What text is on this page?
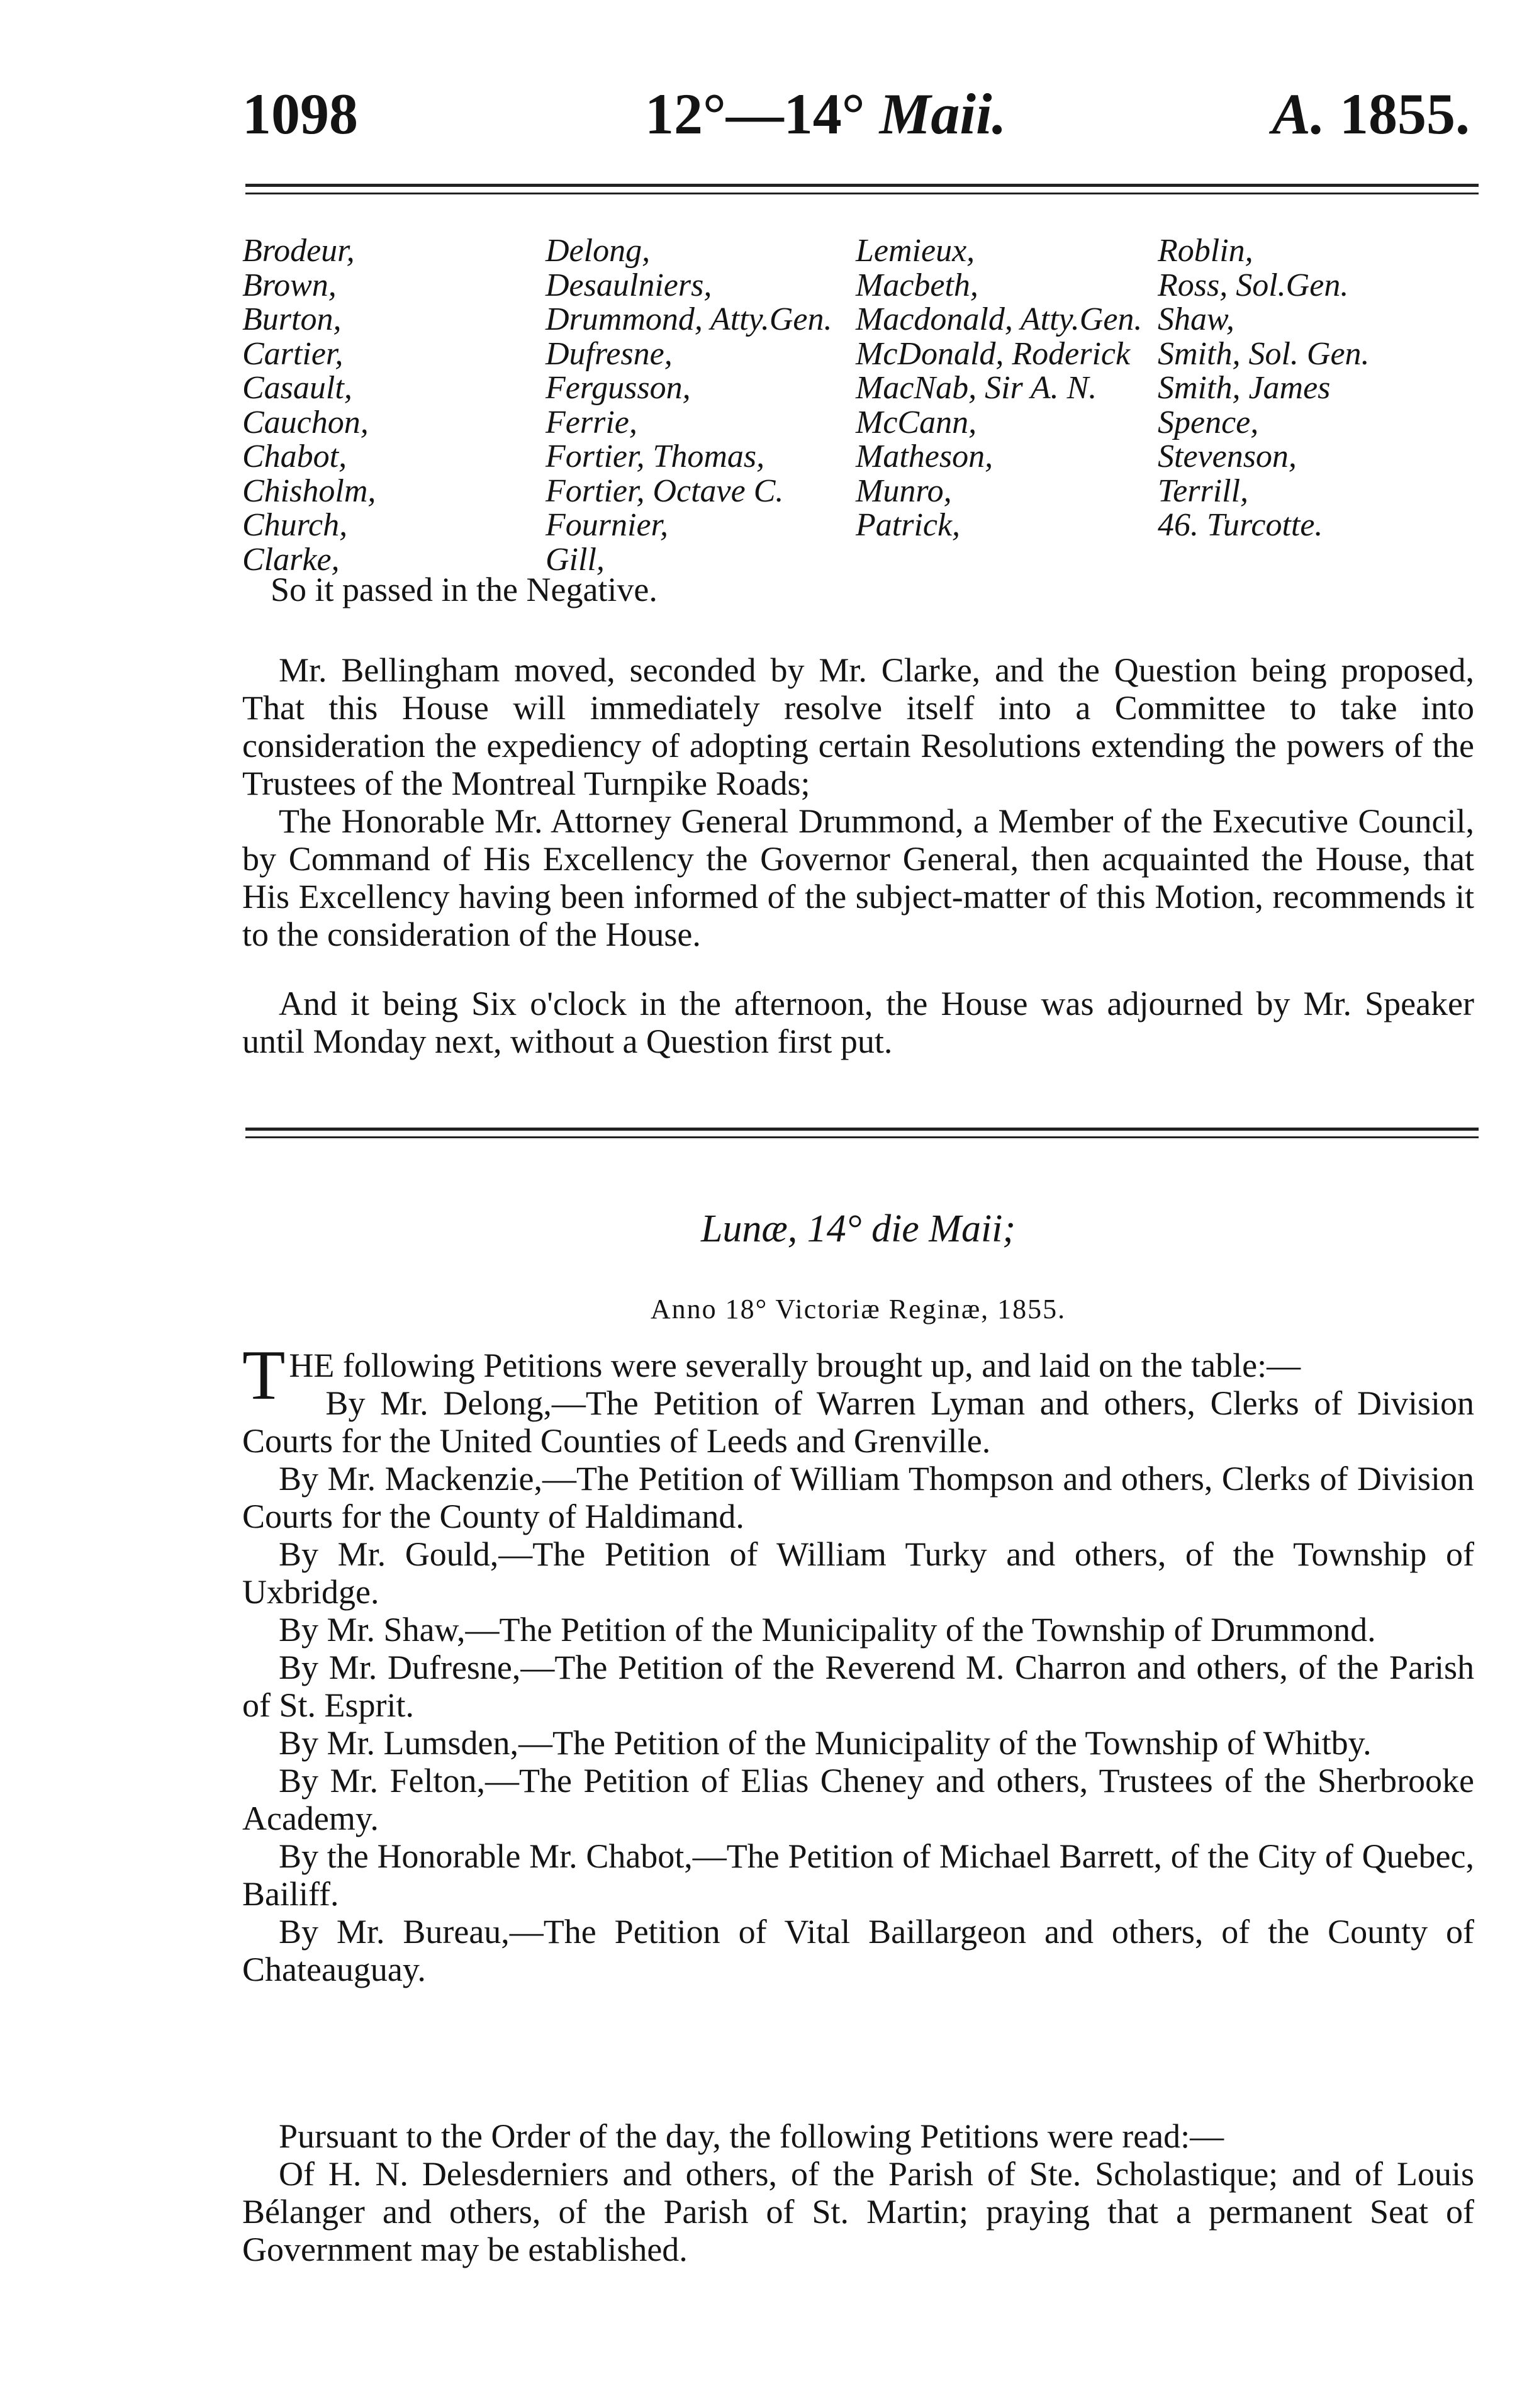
1098	12°—14° Maii.	A. 1855.
Brodeur,
Brown,
Burton,
Cartier,
Casault,
Cauchon,
Chabot,
Chisholm,
Church,
Clarke,
Delong,
Desaulniers,
Drummond, Atty.Gen.
Dufresne,
Fergusson,
Ferrie,
Fortier, Thomas,
Fortier, Octave C.
Fournier,
Gill,
Lemieux,
Macbeth,
Macdonald, Atty.Gen.
McDonald, Roderick
MacNab, Sir A. N.
McCann,
Matheson,
Munro,
Patrick,
Roblin,
Ross, Sol.Gen.
Shaw,
Smith, Sol. Gen.
Smith, James
Spence,
Stevenson,
Terrill,
46. Turcotte.

So it passed in the Negative.

Mr. Bellingham moved, seconded by Mr. Clarke, and the Question being proposed, That this House will immediately resolve itself into a Committee to take into consideration the expediency of adopting certain Resolutions extending the powers of the Trustees of the Montreal Turnpike Roads;

The Honorable Mr. Attorney General Drummond, a Member of the Executive Council, by Command of His Excellency the Governor General, then acquainted the House, that His Excellency having been informed of the subject-matter of this Motion, recommends it to the consideration of the House.

And it being Six o'clock in the afternoon, the House was adjourned by Mr. Speaker until Monday next, without a Question first put.

Lunæ, 14° die Maii;
Anno 18° Victoriæ Reginæ, 1855.

THE following Petitions were severally brought up, and laid on the table:—

By Mr. Delong,—The Petition of Warren Lyman and others, Clerks of Division Courts for the United Counties of Leeds and Grenville.

By Mr. Mackenzie,—The Petition of William Thompson and others, Clerks of Division Courts for the County of Haldimand.

By Mr. Gould,—The Petition of William Turky and others, of the Township of Uxbridge.

By Mr. Shaw,—The Petition of the Municipality of the Township of Drummond.

By Mr. Dufresne,—The Petition of the Reverend M. Charron and others, of the Parish of St. Esprit.

By Mr. Lumsden,—The Petition of the Municipality of the Township of Whitby.

By Mr. Felton,—The Petition of Elias Cheney and others, Trustees of the Sherbrooke Academy.

By the Honorable Mr. Chabot,—The Petition of Michael Barrett, of the City of Quebec, Bailiff.

By Mr. Bureau,—The Petition of Vital Baillargeon and others, of the County of Chateauguay.

Pursuant to the Order of the day, the following Petitions were read:—

Of H. N. Delesderniers and others, of the Parish of Ste. Scholastique; and of Louis Bélanger and others, of the Parish of St. Martin; praying that a permanent Seat of Government may be established.
